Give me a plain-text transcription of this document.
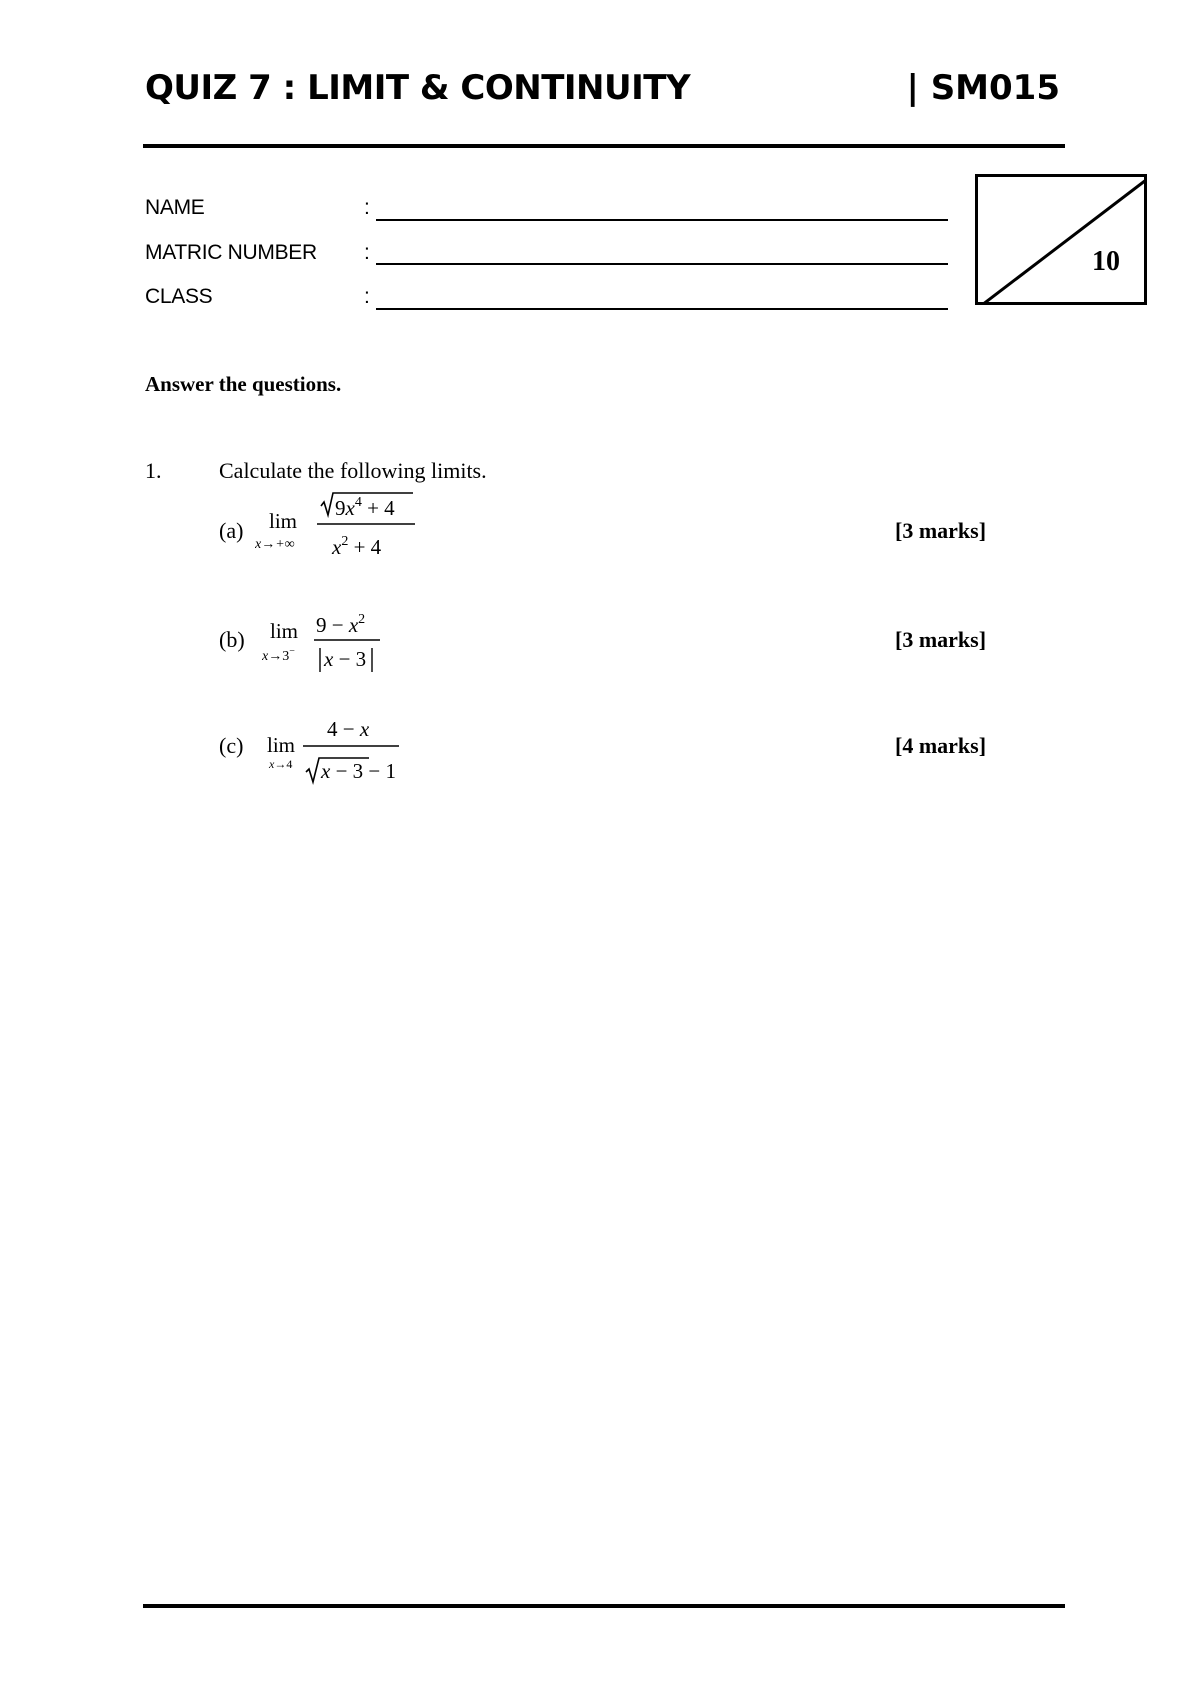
QUIZ 7 : LIMIT & CONTINUITY	| SM015
NAME	:
MATRIC NUMBER :
CLASS	:
10
Answer the questions.
1.	Calculate the following limits.
(a) lim
x→+∞
$9x^4 + 4$
$x^2 + 4$
[3 marks]
(b) lim
x→3−
$9 - x^2$
x − 3
[3 marks]
(c) lim
x→4
4 − x
x − 3 − 1
[4 marks]
